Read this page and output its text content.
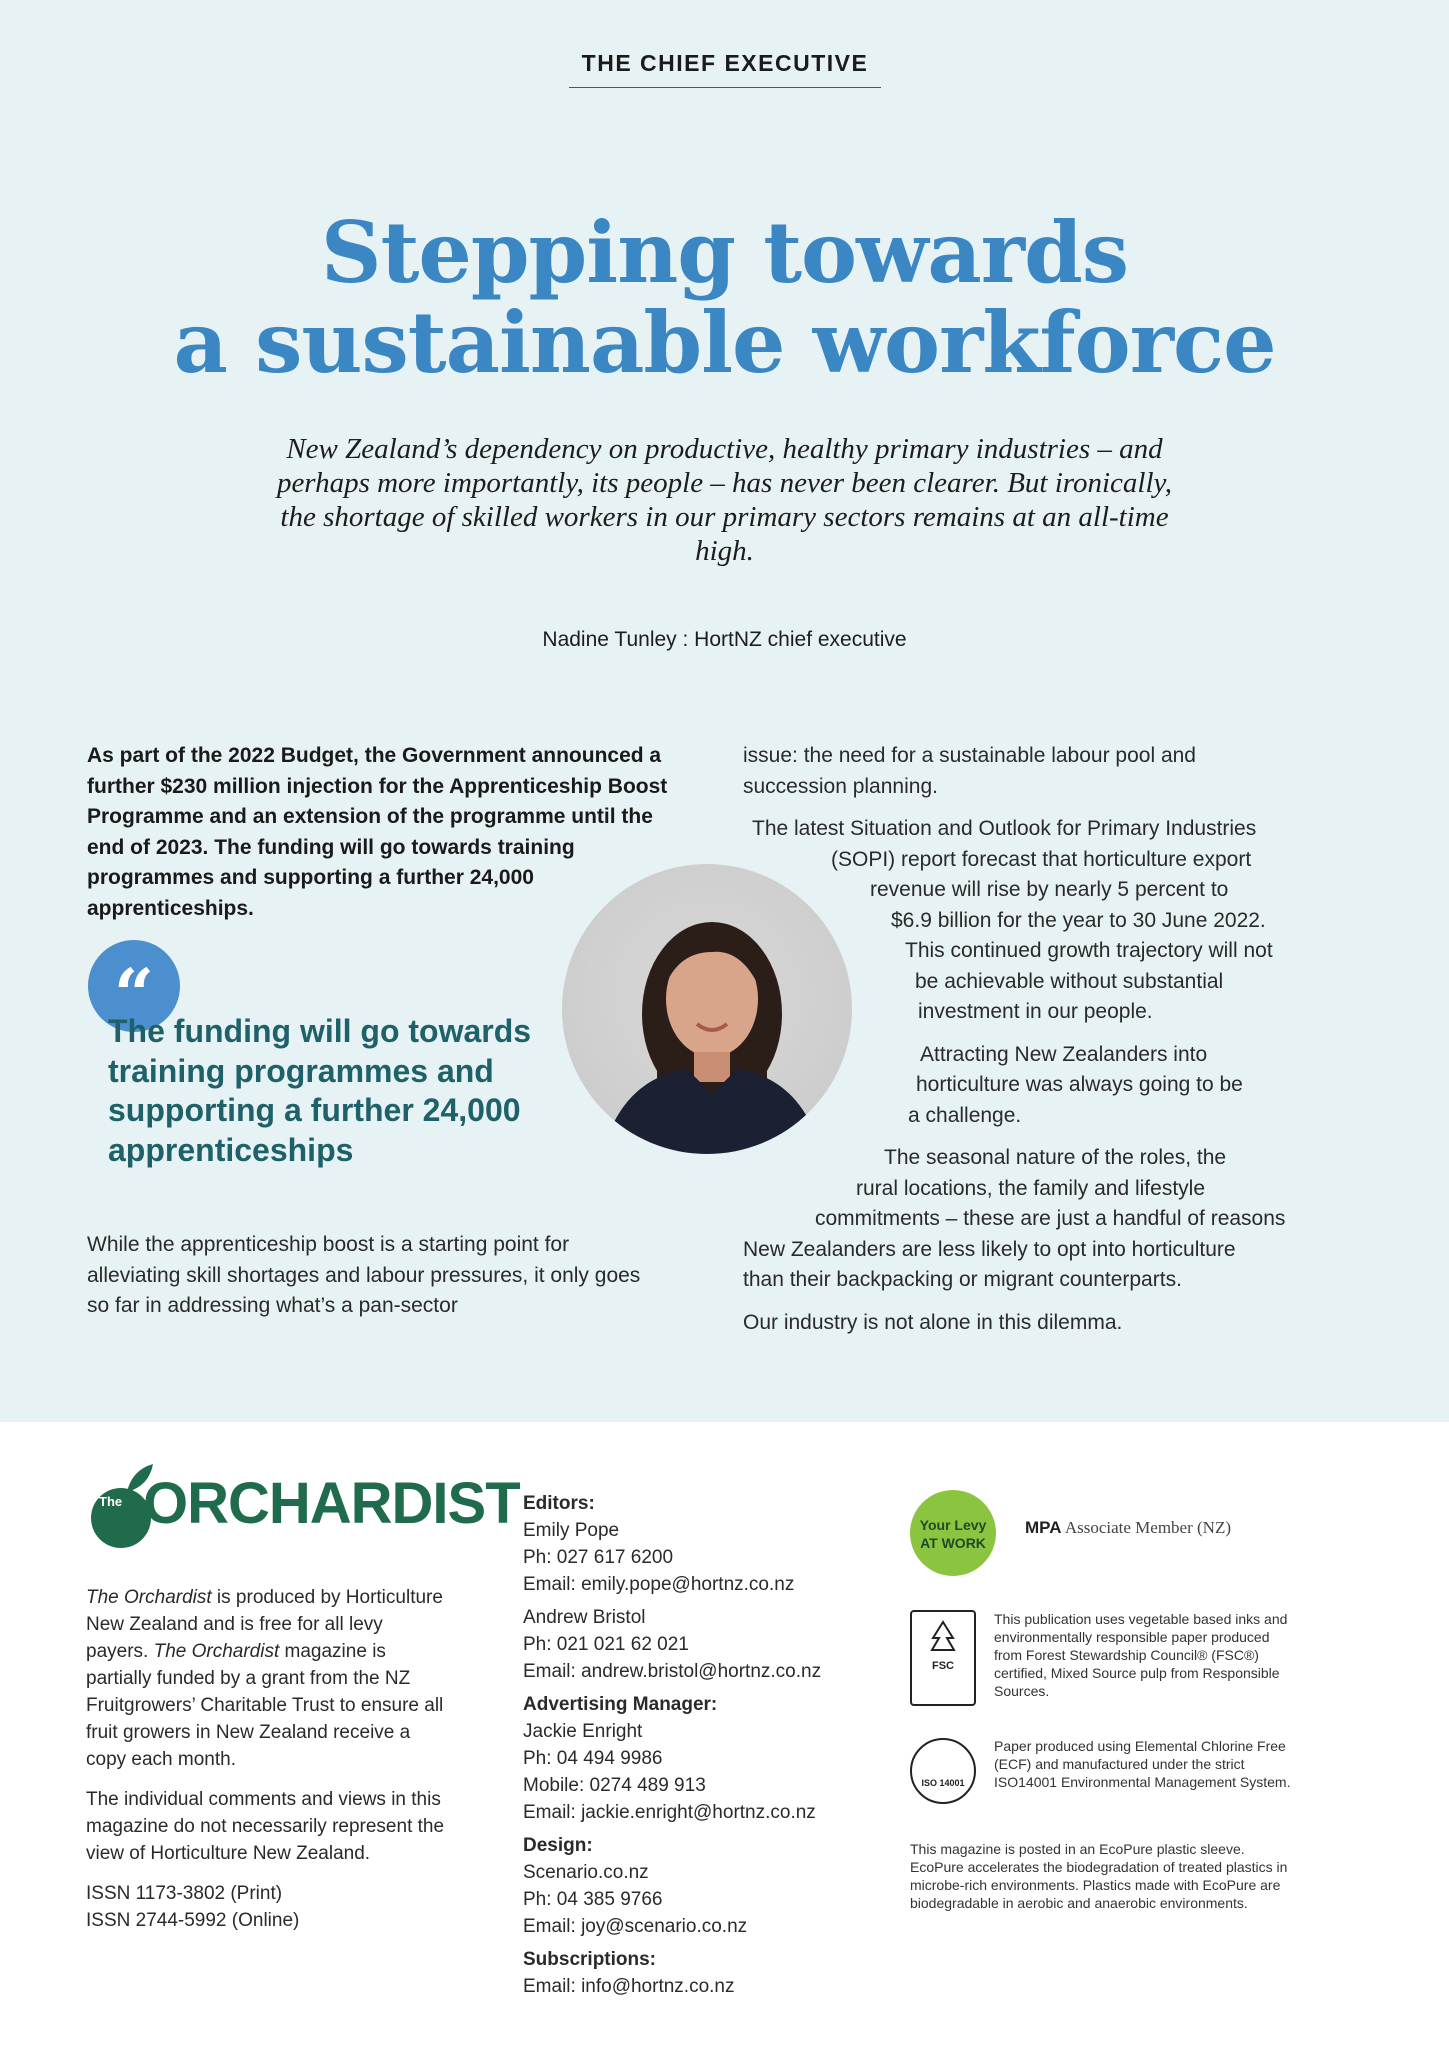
THE CHIEF EXECUTIVE
Stepping towards
a sustainable workforce

New Zealand’s dependency on productive, healthy primary industries – and perhaps more importantly, its people – has never been clearer. But ironically, the shortage of skilled workers in our primary sectors remains at an all-time high.

Nadine Tunley : HortNZ chief executive

As part of the 2022 Budget, the Government announced a further $230 million injection for the Apprenticeship Boost Programme and an extension of the programme until the end of 2023. The funding will go towards training programmes and supporting a further 24,000 apprenticeships.

“

The funding will go towards training programmes and supporting a further 24,000 apprenticeships

While the apprenticeship boost is a starting point for alleviating skill shortages and labour pressures, it only goes so far in addressing what’s a pan-sector

issue: the need for a sustainable labour pool and
succession planning.
The latest Situation and Outlook for Primary Industries
(SOPI) report forecast that horticulture export
revenue will rise by nearly 5 percent to
$6.9 billion for the year to 30 June 2022.
This continued growth trajectory will not
be achievable without substantial
investment in our people.
Attracting New Zealanders into
horticulture was always going to be
a challenge.
The seasonal nature of the roles, the
rural locations, the family and lifestyle
commitments – these are just a handful of reasons
New Zealanders are less likely to opt into horticulture
than their backpacking or migrant counterparts.
Our industry is not alone in this dilemma.
The ORCHARDIST

The Orchardist is produced by Horticulture New Zealand and is free for all levy payers. The Orchardist magazine is partially funded by a grant from the NZ Fruitgrowers’ Charitable Trust to ensure all fruit growers in New Zealand receive a copy each month.

The individual comments and views in this magazine do not necessarily represent the view of Horticulture New Zealand.

ISSN 1173-3802 (Print)
ISSN 2744-5992 (Online)
Editors:
Emily Pope
Ph: 027 617 6200
Email: emily.pope@hortnz.co.nz
Andrew Bristol
Ph: 021 021 62 021
Email: andrew.bristol@hortnz.co.nz
Advertising Manager:
Jackie Enright
Ph: 04 494 9986
Mobile: 0274 489 913
Email: jackie.enright@hortnz.co.nz
Design:
Scenario.co.nz
Ph: 04 385 9766
Email: joy@scenario.co.nz
Subscriptions:
Email: info@hortnz.co.nz
Your Levy
AT WORK
MPA Associate Member (NZ)
FSC

This publication uses vegetable based inks and environmentally responsible paper produced from Forest Stewardship Council® (FSC®) certified, Mixed Source pulp from Responsible Sources.

ISO 14001

Paper produced using Elemental Chlorine Free (ECF) and manufactured under the strict ISO14001 Environmental Management System.

This magazine is posted in an EcoPure plastic sleeve. EcoPure accelerates the biodegradation of treated plastics in microbe-rich environments. Plastics made with EcoPure are biodegradable in aerobic and anaerobic environments.
